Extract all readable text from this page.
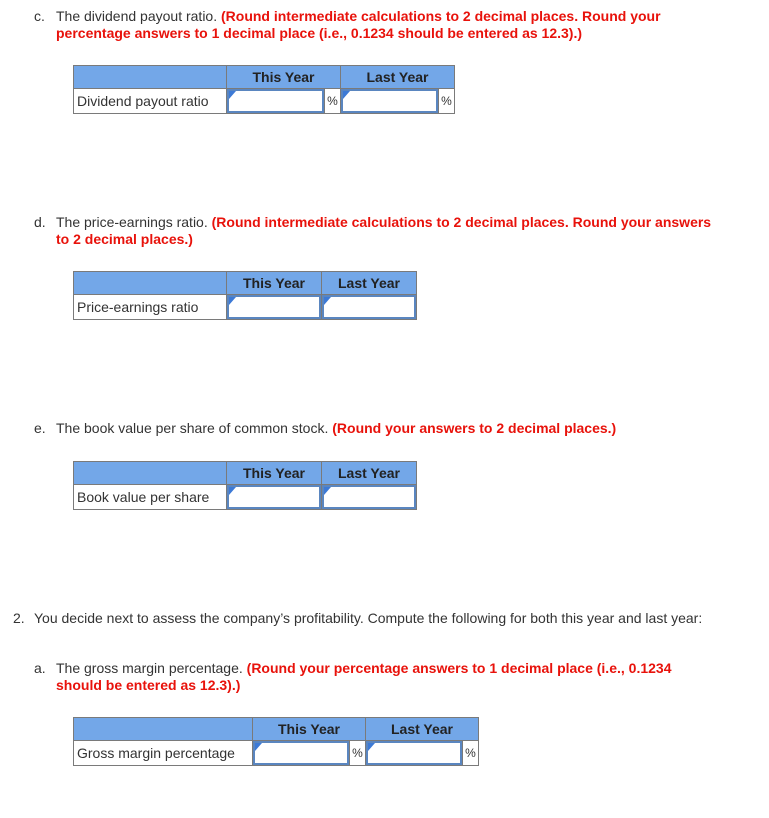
c. The dividend payout ratio. (Round intermediate calculations to 2 decimal places. Round your percentage answers to 1 decimal place (i.e., 0.1234 should be entered as 12.3).)
	This Year	Last Year
Dividend payout ratio	%	%
d. The price-earnings ratio. (Round intermediate calculations to 2 decimal places. Round your answers to 2 decimal places.)
	This Year	Last Year
Price-earnings ratio	

e. The book value per share of common stock. (Round your answers to 2 decimal places.)
	This Year	Last Year
Book value per share	

2. You decide next to assess the company’s profitability. Compute the following for both this year and last year:
a. The gross margin percentage. (Round your percentage answers to 1 decimal place (i.e., 0.1234 should be entered as 12.3).)
	This Year	Last Year
Gross margin percentage	%	%
